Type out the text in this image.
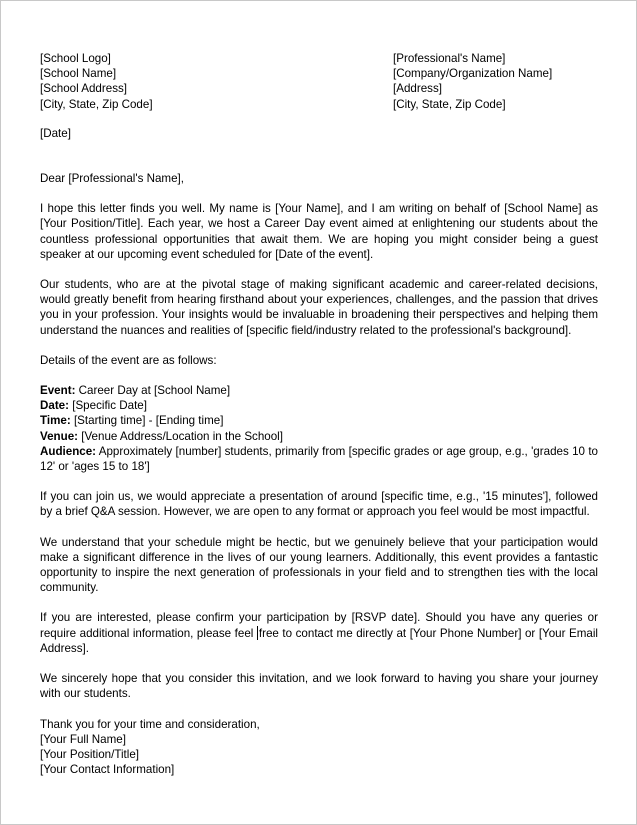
[School Logo]
[School Name]
[School Address]
[City, State, Zip Code]
[Professional's Name]
[Company/Organization Name]
[Address]
[City, State, Zip Code]
[Date]
Dear [Professional's Name],

I hope this letter finds you well. My name is [Your Name], and I am writing on behalf of [School Name] as [Your Position/Title]. Each year, we host a Career Day event aimed at enlightening our students about the countless professional opportunities that await them. We are hoping you might consider being a guest speaker at our upcoming event scheduled for [Date of the event].

Our students, who are at the pivotal stage of making significant academic and career-related decisions, would greatly benefit from hearing firsthand about your experiences, challenges, and the passion that drives you in your profession. Your insights would be invaluable in broadening their perspectives and helping them understand the nuances and realities of [specific field/industry related to the professional's background].

Details of the event are as follows:

Event: Career Day at [School Name]
Date: [Specific Date]
Time: [Starting time] - [Ending time]
Venue: [Venue Address/Location in the School]
Audience: Approximately [number] students, primarily from [specific grades or age group, e.g., 'grades 10 to 12' or 'ages 15 to 18']

If you can join us, we would appreciate a presentation of around [specific time, e.g., '15 minutes'], followed by a brief Q&A session. However, we are open to any format or approach you feel would be most impactful.

We understand that your schedule might be hectic, but we genuinely believe that your participation would make a significant difference in the lives of our young learners. Additionally, this event provides a fantastic opportunity to inspire the next generation of professionals in your field and to strengthen ties with the local community.

If you are interested, please confirm your participation by [RSVP date]. Should you have any queries or require additional information, please feel free to contact me directly at [Your Phone Number] or [Your Email Address].

We sincerely hope that you consider this invitation, and we look forward to having you share your journey with our students.

Thank you for your time and consideration,
[Your Full Name]
[Your Position/Title]
[Your Contact Information]
